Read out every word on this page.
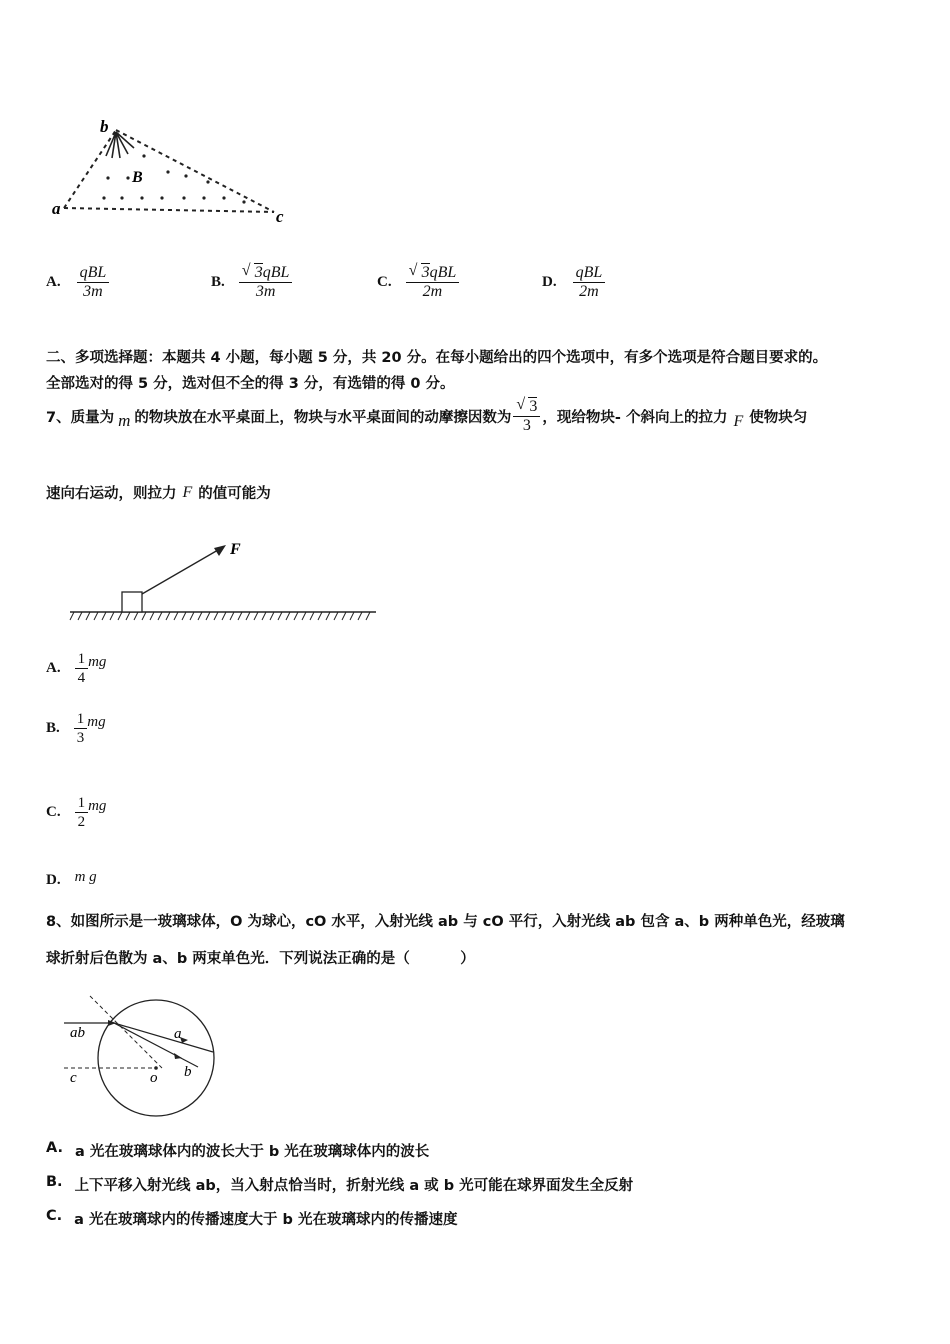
b
B
a	c
A. $\frac{\text{qBL}}{3m}$	B. √ $\frac{\text{3qBL}}{3m}$	C. √ $\frac{\text{3qBL}}{2m}$	D. $\frac{\text{qBL}}{2m}$
二、多项选择题：本题共 4 小题，每小题 5 分，共 20 分。在每小题给出的四个选项中，有多个选项是符合题目要求的。
全部选对的得 5 分，选对但不全的得 3 分，有选错的得 0 分。
7、质量为 m 的物块放在水平桌面上，物块与水平桌面间的动摩擦因数为 √ $\frac{3}{3}$ ，现给物块- 个斜向上的拉力 F 使物块匀
速向右运动，则拉力 F 的值可能为
F
A. $\frac{1}{4}$ mg
B. $\frac{1}{3}$ mg
C. $\frac{1}{2}$ mg
D. m g
8、如图所示是一玻璃球体，O 为球心，cO 水平，入射光线 ab 与 cO 平行，入射光线 ab 包含 a、b 两种单色光，经玻璃
球折射后色散为 a、b 两束单色光．下列说法正确的是（          ）
ab
c	o
a
b
A. a 光在玻璃球体内的波长大于 b 光在玻璃球体内的波长
B. 上下平移入射光线 ab，当入射点恰当时，折射光线 a 或 b 光可能在球界面发生全反射
C. a 光在玻璃球内的传播速度大于 b 光在玻璃球内的传播速度
